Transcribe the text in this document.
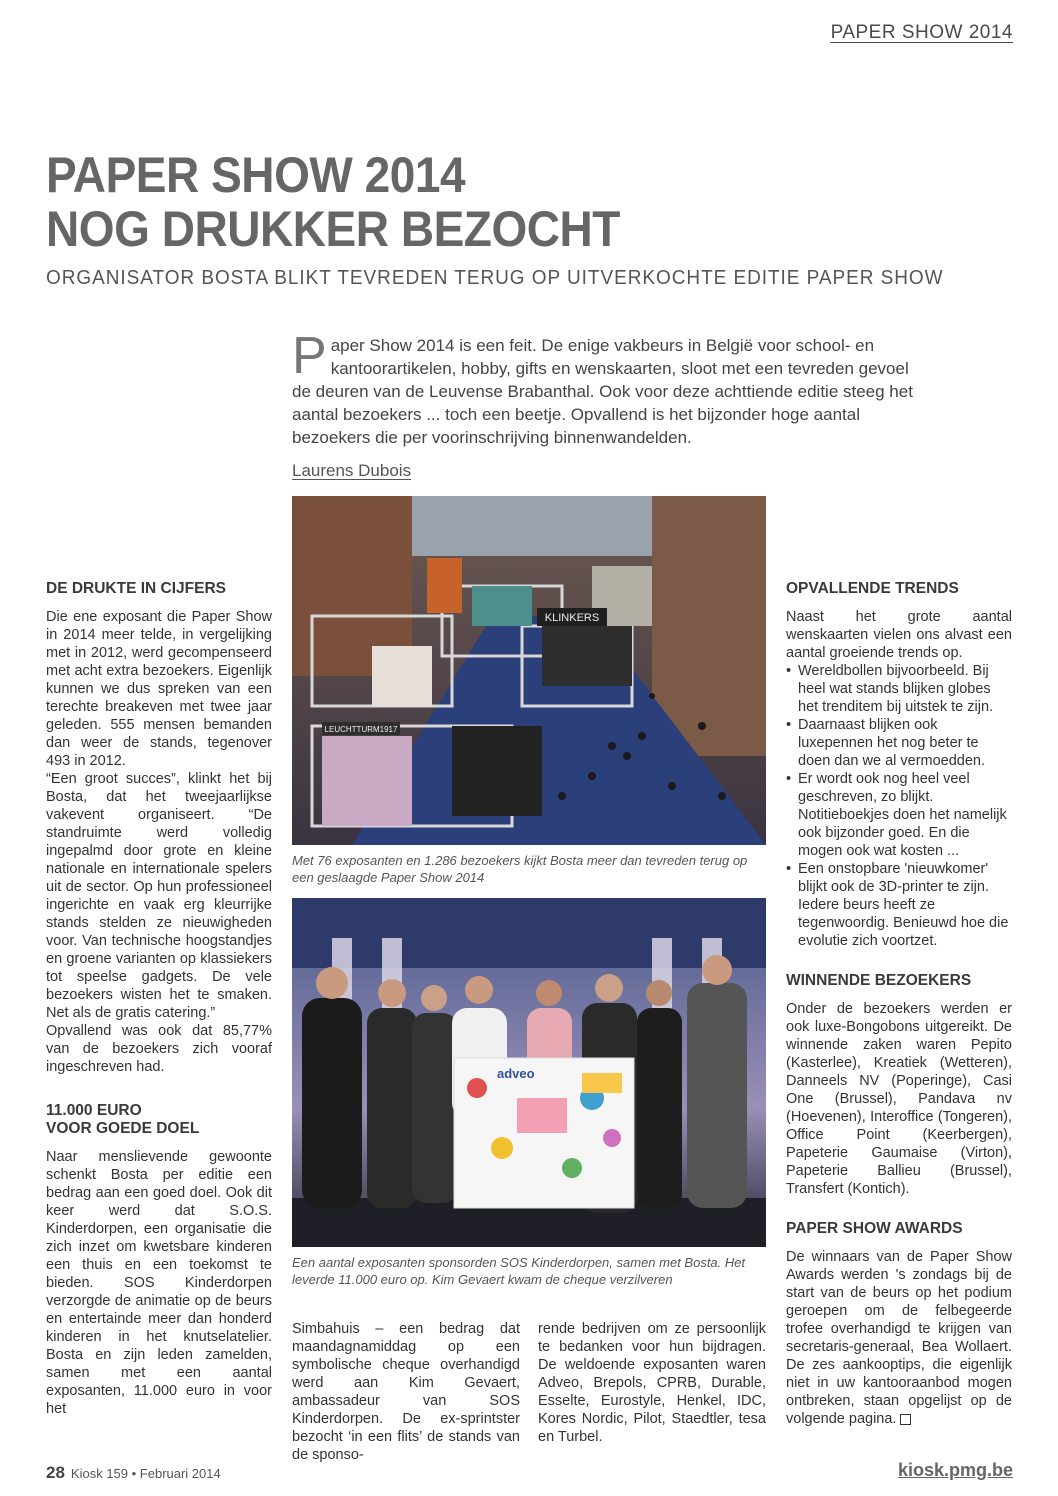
PAPER SHOW 2014
PAPER SHOW 2014
NOG DRUKKER BEZOCHT
ORGANISATOR BOSTA BLIKT TEVREDEN TERUG OP UITVERKOCHTE EDITIE PAPER SHOW
Paper Show 2014 is een feit. De enige vakbeurs in België voor school- en kantoorartikelen, hobby, gifts en wenskaarten, sloot met een tevreden gevoel de deuren van de Leuvense Brabanthal. Ook voor deze achttiende editie steeg het aantal bezoekers ... toch een beetje. Opvallend is het bijzonder hoge aantal bezoekers die per voorinschrijving binnenwandelden.
Laurens Dubois
DE DRUKTE IN CIJFERS

Die ene exposant die Paper Show in 2014 meer telde, in vergelijking met in 2012, werd gecompenseerd met acht extra bezoekers. Eigenlijk kunnen we dus spreken van een terechte breakeven met twee jaar geleden. 555 mensen bemanden dan weer de stands, tegenover 493 in 2012.

“Een groot succes”, klinkt het bij Bosta, dat het tweejaarlijkse vakevent organiseert. “De standruimte werd volledig ingepalmd door grote en kleine nationale en internationale spelers uit de sector. Op hun professioneel ingerichte en vaak erg kleurrijke stands stelden ze nieuwigheden voor. Van technische hoogstandjes en groene varianten op klassiekers tot speelse gadgets. De vele bezoekers wisten het te smaken. Net als de gratis catering.”

Opvallend was ook dat 85,77% van de bezoekers zich vooraf ingeschreven had.

11.000 EURO
VOOR GOEDE DOEL

Naar menslievende gewoonte schenkt Bosta per editie een bedrag aan een goed doel. Ook dit keer werd dat S.O.S. Kinderdorpen, een organisatie die zich inzet om kwetsbare kinderen een thuis en een toekomst te bieden. SOS Kinderdorpen verzorgde de animatie op de beurs en entertainde meer dan honderd kinderen in het knutselatelier. Bosta en zijn leden zamelden, samen met een aantal exposanten, 11.000 euro in voor het

KLINKERS
LEUCHTTURM1917
Met 76 exposanten en 1.286 bezoekers kijkt Bosta meer dan tevreden terug op een geslaagde Paper Show 2014
adveo
Een aantal exposanten sponsorden SOS Kinderdorpen, samen met Bosta. Het leverde 11.000 euro op. Kim Gevaert kwam de cheque verzilveren

Simbahuis – een bedrag dat maandagnamiddag op een symbolische cheque overhandigd werd aan Kim Gevaert, ambassadeur van SOS Kinderdorpen. De ex-sprintster bezocht ‘in een flits’ de stands van de sponso-

rende bedrijven om ze persoonlijk te bedanken voor hun bijdragen. De weldoende exposanten waren Adveo, Brepols, CPRB, Durable, Esselte, Eurostyle, Henkel, IDC, Kores Nordic, Pilot, Staedtler, tesa en Turbel.

OPVALLENDE TRENDS

Naast het grote aantal wenskaarten vielen ons alvast een aantal groeiende trends op.

• Wereldbollen bijvoorbeeld. Bij heel wat stands blijken globes het trenditem bij uitstek te zijn.
• Daarnaast blijken ook luxepennen het nog beter te doen dan we al vermoedden.
• Er wordt ook nog heel veel geschreven, zo blijkt. Notitieboekjes doen het namelijk ook bijzonder goed. En die mogen ook wat kosten ...
• Een onstopbare 'nieuwkomer' blijkt ook de 3D-printer te zijn. Iedere beurs heeft ze tegenwoordig. Benieuwd hoe die evolutie zich voortzet.
WINNENDE BEZOEKERS

Onder de bezoekers werden er ook luxe-Bongobons uitgereikt. De winnende zaken waren Pepito (Kasterlee), Kreatiek (Wetteren), Danneels NV (Poperinge), Casi One (Brussel), Pandava nv (Hoevenen), Interoffice (Tongeren), Office Point (Keerbergen), Papeterie Gaumaise (Virton), Papeterie Ballieu (Brussel), Transfert (Kontich).

PAPER SHOW AWARDS

De winnaars van de Paper Show Awards werden 's zondags bij de start van de beurs op het podium geroepen om de felbegeerde trofee overhandigd te krijgen van secretaris-generaal, Bea Wollaert. De zes aankooptips, die eigenlijk niet in uw kantooraanbod mogen ontbreken, staan opgelijst op de volgende pagina.

28 Kiosk 159 • Februari 2014	kiosk.pmg.be
